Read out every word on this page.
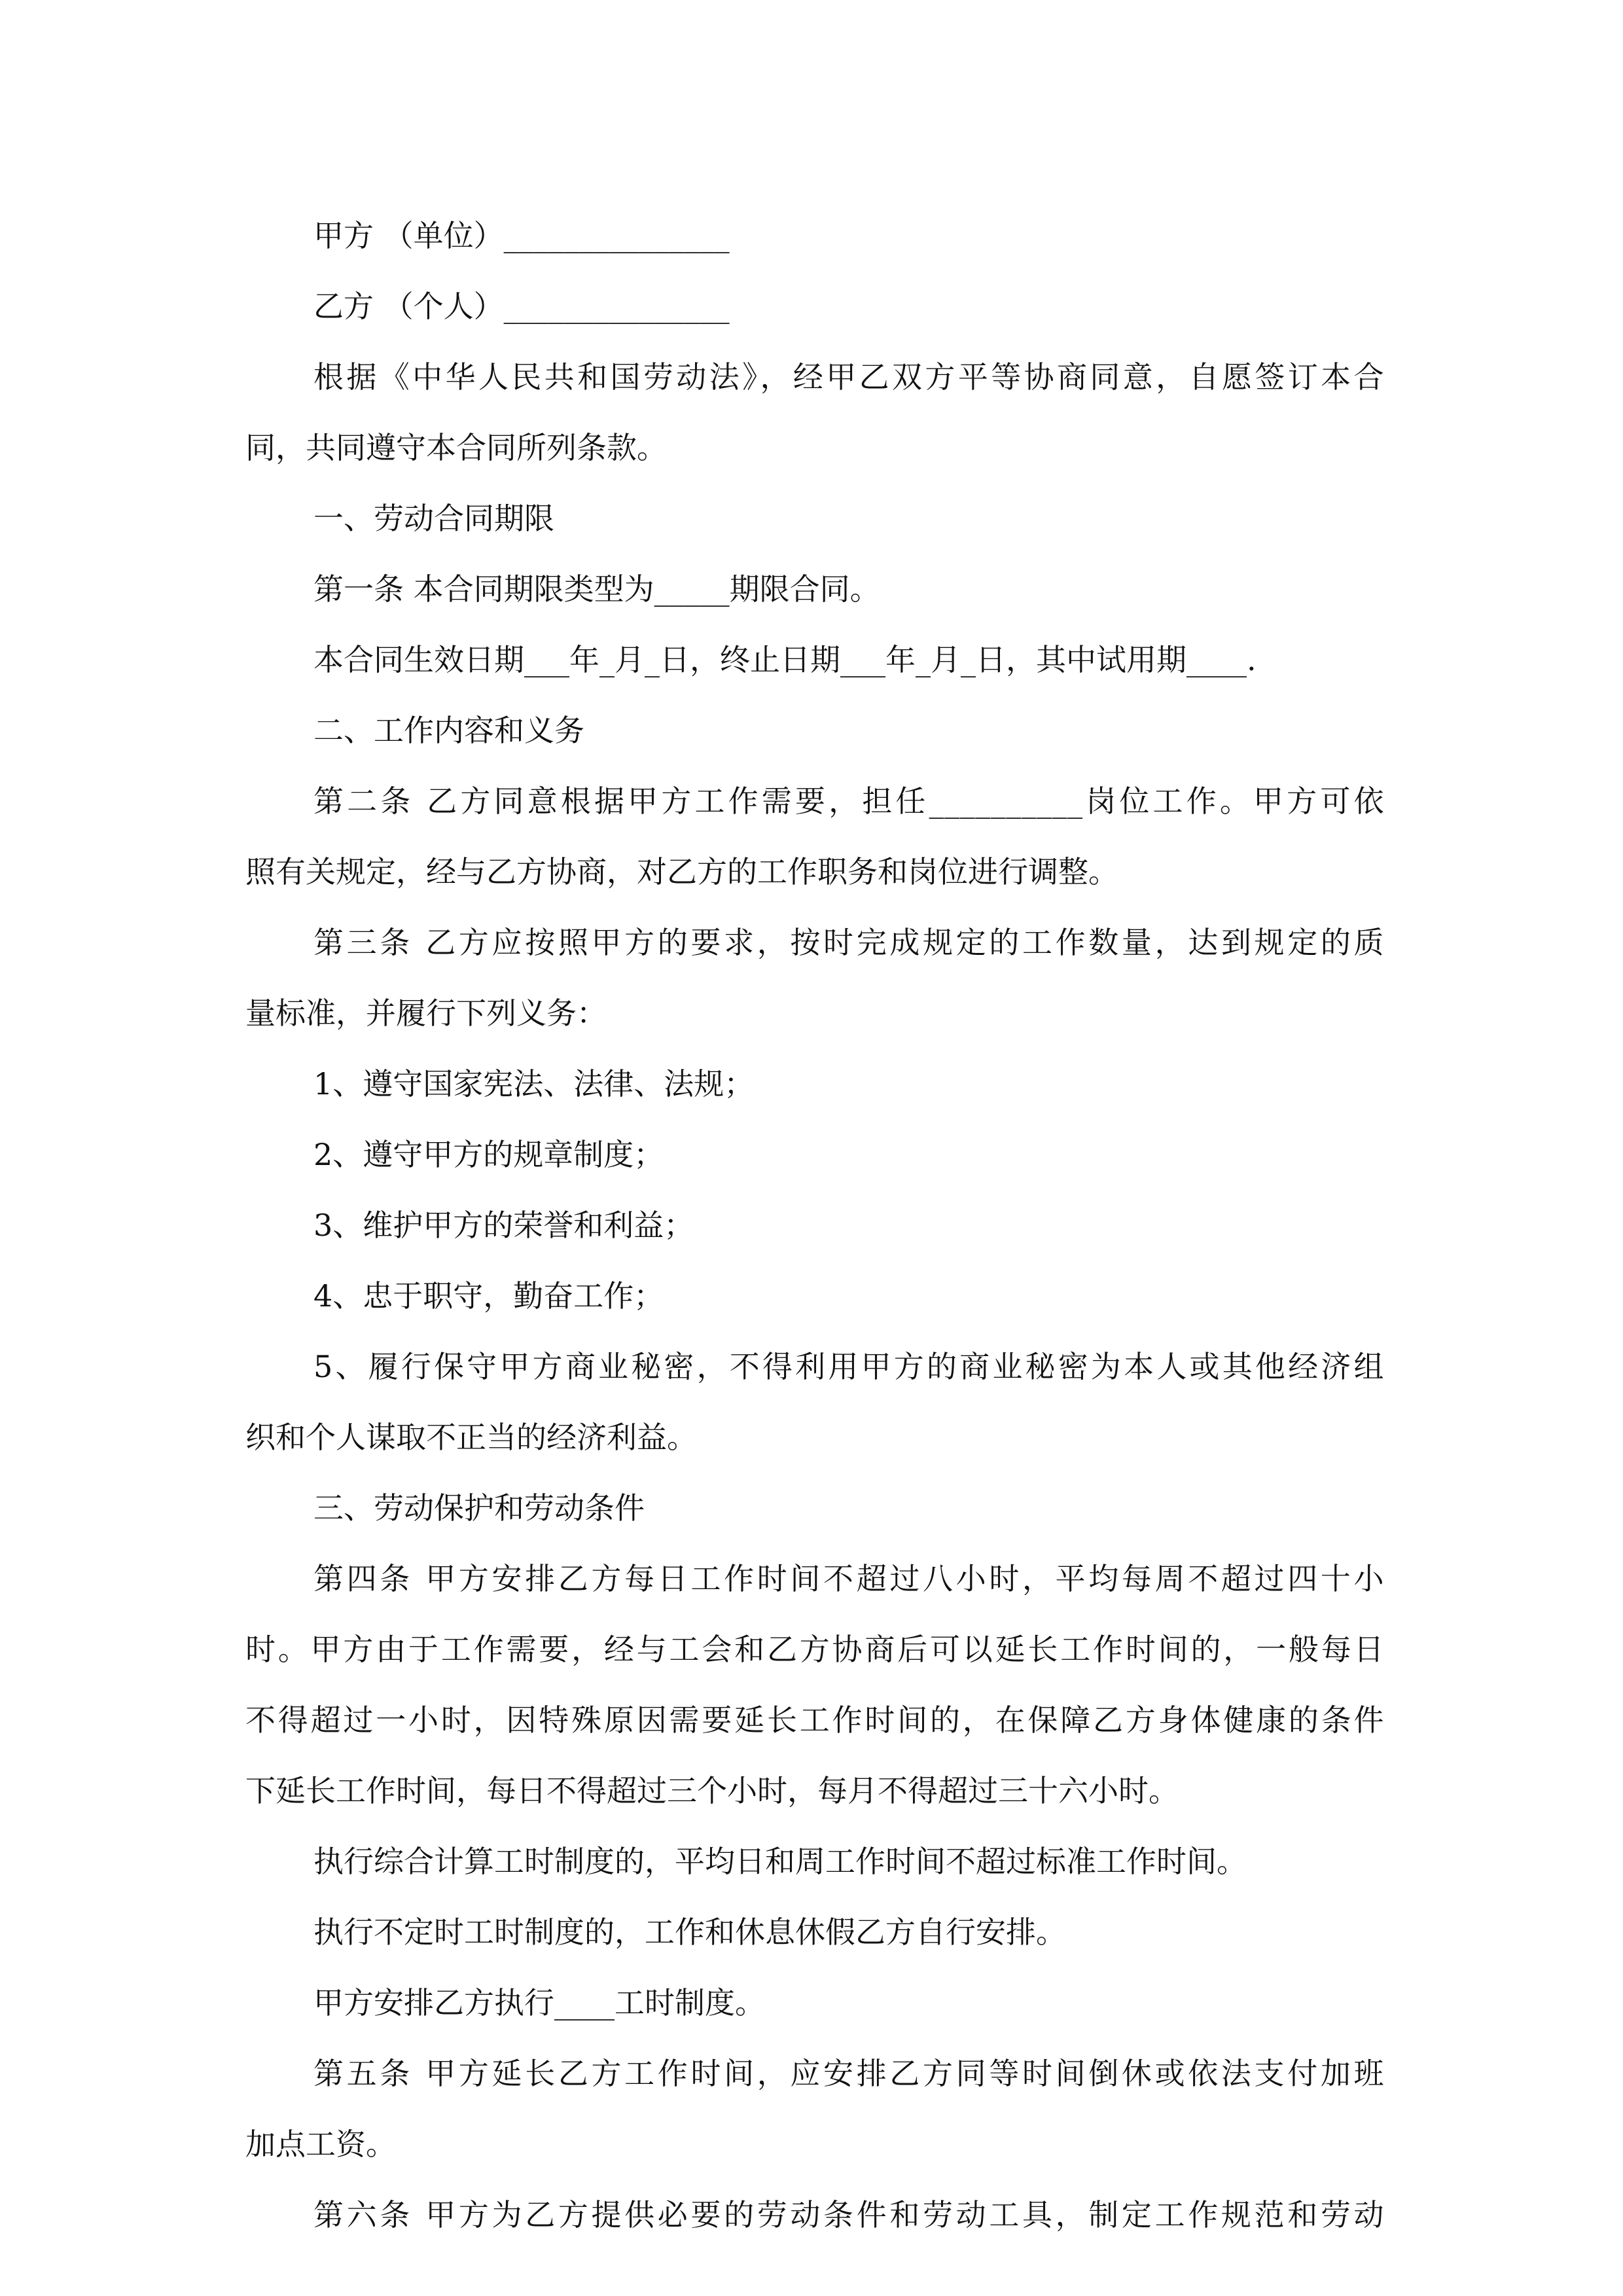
甲方 （单位）_______________

乙方 （个人）_______________

根据《中华人民共和国劳动法》，经甲乙双方平等协商同意，自愿签订本合

同，共同遵守本合同所列条款。

一、劳动合同期限

第一条 本合同期限类型为_____期限合同。

本合同生效日期___年_月_日，终止日期___年_月_日，其中试用期____.

二、工作内容和义务

第二条 乙方同意根据甲方工作需要，担任__________岗位工作。甲方可依

照有关规定，经与乙方协商，对乙方的工作职务和岗位进行调整。

第三条 乙方应按照甲方的要求，按时完成规定的工作数量，达到规定的质

量标准，并履行下列义务：

1、遵守国家宪法、法律、法规；

2、遵守甲方的规章制度；

3、维护甲方的荣誉和利益；

4、忠于职守，勤奋工作；

5、履行保守甲方商业秘密，不得利用甲方的商业秘密为本人或其他经济组

织和个人谋取不正当的经济利益。

三、劳动保护和劳动条件

第四条 甲方安排乙方每日工作时间不超过八小时，平均每周不超过四十小

时。甲方由于工作需要，经与工会和乙方协商后可以延长工作时间的，一般每日

不得超过一小时，因特殊原因需要延长工作时间的，在保障乙方身体健康的条件

下延长工作时间，每日不得超过三个小时，每月不得超过三十六小时。

执行综合计算工时制度的，平均日和周工作时间不超过标准工作时间。

执行不定时工时制度的，工作和休息休假乙方自行安排。

甲方安排乙方执行____工时制度。

第五条 甲方延长乙方工作时间，应安排乙方同等时间倒休或依法支付加班

加点工资。

第六条 甲方为乙方提供必要的劳动条件和劳动工具，制定工作规范和劳动
